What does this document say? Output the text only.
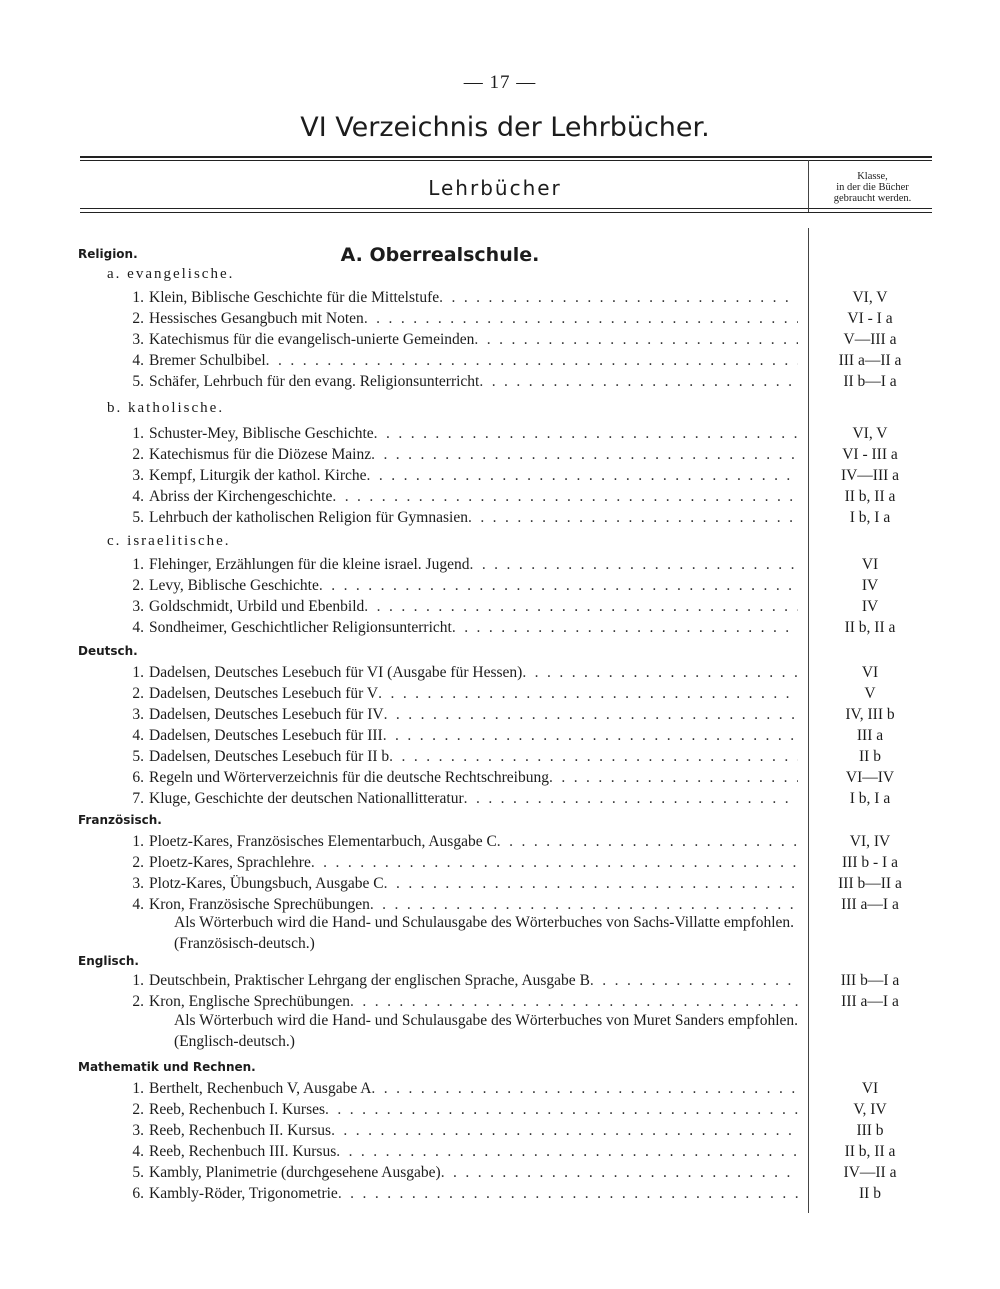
— 17 —
VI Verzeichnis der Lehrbücher.
Lehrbücher	Klasse,
in der die Bücher
gebraucht werden.
A. Oberrealschule.
Religion.
a. evangelische.
1. Klein, Biblische Geschichte für die Mittelstufe . . .	VI, V
2. Hessisches Gesangbuch mit Noten . . .	VI - I a
3. Katechismus für die evangelisch-unierte Gemeinden . . .	V—III a
4. Bremer Schulbibel . . .	III a—II a
5. Schäfer, Lehrbuch für den evang. Religionsunterricht . . .	II b—I a
b. katholische.
1. Schuster-Mey, Biblische Geschichte . . .	VI, V
2. Katechismus für die Diözese Mainz . . .	VI - III a
3. Kempf, Liturgik der kathol. Kirche . . .	IV—III a
4. Abriss der Kirchengeschichte . . .	II b, II a
5. Lehrbuch der katholischen Religion für Gymnasien . . .	I b, I a
c. israelitische.
1. Flehinger, Erzählungen für die kleine israel. Jugend . . .	VI
2. Levy, Biblische Geschichte . . .	IV
3. Goldschmidt, Urbild und Ebenbild . . .	IV
4. Sondheimer, Geschichtlicher Religionsunterricht . . .	II b, II a
Deutsch.
1. Dadelsen, Deutsches Lesebuch für VI (Ausgabe für Hessen) . . .	VI
2. Dadelsen, Deutsches Lesebuch für V . . .	V
3. Dadelsen, Deutsches Lesebuch für IV . . .	IV, III b
4. Dadelsen, Deutsches Lesebuch für III . . .	III a
5. Dadelsen, Deutsches Lesebuch für II b . . .	II b
6. Regeln und Wörterverzeichnis für die deutsche Rechtschreibung . . .	VI—IV
7. Kluge, Geschichte der deutschen Nationallitteratur . . .	I b, I a
Französisch.
1. Ploetz-Kares, Französisches Elementarbuch, Ausgabe C . . .	VI, IV
2. Ploetz-Kares, Sprachlehre . . .	III b - I a
3. Plotz-Kares, Übungsbuch, Ausgabe C . . .	III b—II a
4. Kron, Französische Sprechübungen . . .	III a—I a
Als Wörterbuch wird die Hand- und Schulausgabe des Wörterbuches von Sachs-Villatte empfohlen. (Französisch-deutsch.)
Englisch.
1. Deutschbein, Praktischer Lehrgang der englischen Sprache, Ausgabe B . . .	III b—I a
2. Kron, Englische Sprechübungen . . .	III a—I a
Als Wörterbuch wird die Hand- und Schulausgabe des Wörterbuches von Muret Sanders empfohlen. (Englisch-deutsch.)
Mathematik und Rechnen.
1. Berthelt, Rechenbuch V, Ausgabe A . . .	VI
2. Reeb, Rechenbuch I. Kurses . . .	V, IV
3. Reeb, Rechenbuch II. Kursus . . .	III b
4. Reeb, Rechenbuch III. Kursus . . .	II b, II a
5. Kambly, Planimetrie (durchgesehene Ausgabe) . . .	IV—II a
6. Kambly-Röder, Trigonometrie . . .	II b
